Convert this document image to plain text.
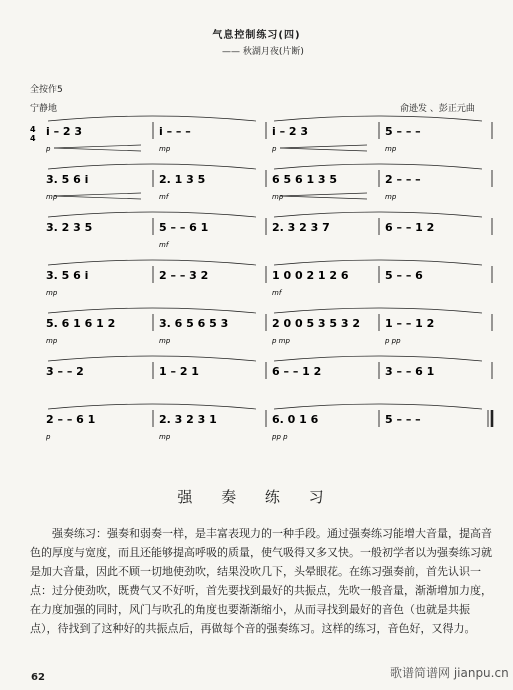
气息控制练习(四)
—— 秋湖月夜(片断)
全按作5
宁静地	俞逊发 、彭正元曲
4
4
i – 2 3
p
i – – –
mp
i – 2 3
p
5 – – –
mp
3. 5 6 i
mp
2. 1 3 5
mf
6 5 6 1 3 5
mp
2 – – –
mp
3. 2 3 5	5 – – 6 1
mf
2. 3 2 3 7	6 – – 1 2
3. 5 6 i
mp
2 – – 3 2	1 0 0 2 1 2 6
mf
5 – – 6
5. 6 1 6 1 2
mp
3. 6 5 6 5 3
mp
2 0 0 5 3 5 3 2
p mp
1 – – 1 2
p pp
3 – – 2	1 – 2 1	6 – – 1 2	3 – – 6 1
2 – – 6 1
p
2. 3 2 3 1
mp
6. 0 1 6
pp p
5 – – –
强 奏 练 习
强奏练习：强奏和弱奏一样，是丰富表现力的一种手段。通过强奏练习能增大音量，提高音色的厚度与宽度，而且还能够提高呼吸的质量，使气吸得又多又快。一般初学者以为强奏练习就是加大音量，因此不顾一切地使劲吹，结果没吹几下，头晕眼花。在练习强奏前，首先认识一点：过分使劲吹，既费气又不好听，首先要找到最好的共振点，先吹一般音量，渐渐增加力度，在力度加强的同时，风门与吹孔的角度也要渐渐缩小，从而寻找到最好的音色（也就是共振点），待找到了这种好的共振点后，再做每个音的强奏练习。这样的练习，音色好，又得力。
62	歌谱简谱网 jianpu.cn
